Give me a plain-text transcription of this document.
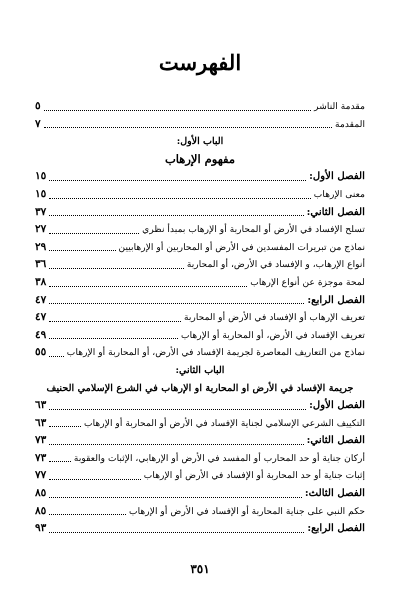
الفهرست
مقدمة الناشر
٥
المقدمة
٧
الباب الأول:
مفهوم الإرهاب
الفصل الأول:
١٥
معنى الإرهاب
١٥
الفصل الثاني:
٣٧
تسلح الإفساد في الأرض أو المحاربة أو الإرهاب بمبدأ نظري
٢٧
نماذج من تبريرات المفسدين في الأرض أو المحاربين أو الإرهابيين
٢٩
أنواع الإرهاب، و الإفساد في الأرض، أو المحاربة
٣٦
لمحة موجزة عن أنواع الإرهاب
٣٨
الفصل الرابع:
٤٧
تعريف الإرهاب أو الإفساد في الأرض أو المحاربة
٤٧
تعريف الإفساد في الأرض، أو المحاربة أو الإرهاب
٤٩
نماذج من التعاريف المعاصرة لجريمة الإفساد في الأرض، أو المحاربة أو الإرهاب
٥٥
الباب الثاني:
جريمة الإفساد في الأرض او المحاربة او الإرهاب في الشرع الإسلامي الحنيف
الفصل الأول:
٦٣
التكييف الشرعي الإسلامي لجناية الإفساد في الأرض أو المحاربة أو الإرهاب
٦٣
الفصل الثاني:
٧٣
أركان جناية أو حد المحارب أو المفسد في الأرض أو الإرهابي، الإثبات والعقوبة
٧٣
إثبات جناية أو حد المحاربة أو الإفساد في الأرض أو الإرهاب
٧٧
الفصل الثالث:
٨٥
حكم النبي على جناية المحاربة أو الإفساد في الأرض أو الإرهاب
٨٥
الفصل الرابع:
٩٣
٣٥١
